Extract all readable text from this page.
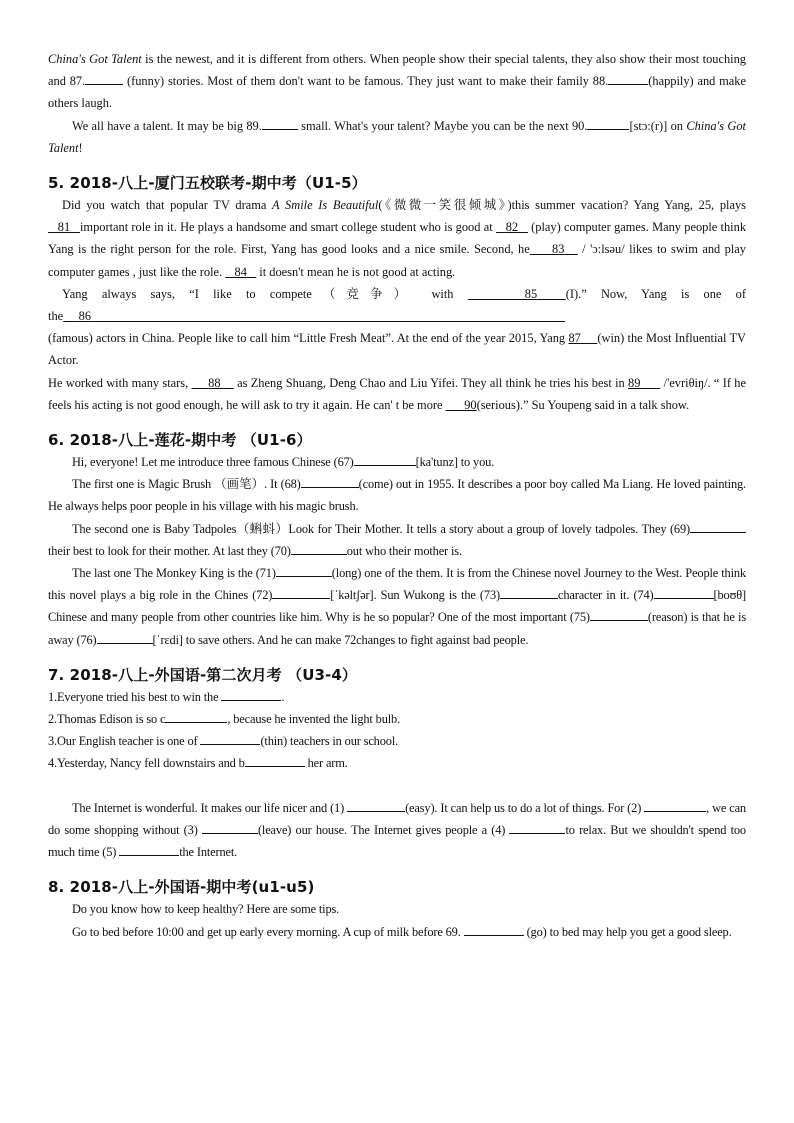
China's Got Talent is the newest, and it is different from others. When people show their special talents, they also show their most touching and 87.	(funny) stories. Most of them don't want to be famous. They just want to make their family 88.	(happily) and make others laugh.

We all have a talent. It may be big 89.	small. What's your talent? Maybe you can be the next 90.	[stɔ:(r)] on China's Got Talent!

5. 2018-八上-厦门五校联考-期中考（U1-5）

Did you watch that popular TV drama A Smile Is Beautiful(《微微一笑很倾城》)this summer vacation? Yang Yang, 25, plays    81 important role in it. He plays a handsome and smart college student who is good at    82    (play) computer games. Many people think Yang is the right person for the role. First, Yang has good looks and a nice smile. Second, he 83    / 'ɔ:lsəu/ likes to swim and play computer games , just like the role.    84    it doesn't mean he is not good at acting.

Yang always says, “I like to compete（竞争） with	85 (I).” Now, Yang is one of the 86

(famous) actors in China. People like to call him “Little Fresh Meat”. At the end of the year 2015, Yang 87 (win) the Most Influential TV Actor.

He worked with many stars,      88     as Zheng Shuang, Deng Chao and Liu Yifei. They all think he tries his best in 89       /'evriθiŋ/. “ If he feels his acting is not good enough, he will ask to try it again. He can' t be more       90(serious).” Su Youpeng said in a talk show.

6. 2018-八上-莲花-期中考 （U1-6）

Hi, everyone! Let me introduce three famous Chinese (67)	[ka'tunz] to you.

The first one is Magic Brush （画笔）. It (68)	(come) out in 1955. It describes a poor boy called Ma Liang. He loved painting. He always helps poor people in his village with his magic brush.

The second one is Baby Tadpoles（蝌蚪）Look for Their Mother. It tells a story about a group of lovely tadpoles. They (69)their best to look for their mother. At last they (70)	out who their mother is.

The last one The Monkey King is the (71)	(long) one of the them. It is from the Chinese novel Journey to the West. People think this novel plays a big role in the Chines (72)	[ˈkəltʃər]. Sun Wukong is the (73)	character in it. (74)	[boʊθ] Chinese and many people from other countries like him. Why is he so popular? One of the most important (75)	(reason) is that he is away (76)	[ˈrɛdi] to save others. And he can make 72changes to fight against bad people.

7. 2018-八上-外国语-第二次月考 （U3-4）

1.Everyone tried his best to win the	.

2.Thomas Edison is so c	, because he invented the light bulb.

3.Our English teacher is one of	(thin) teachers in our school.

4.Yesterday, Nancy fell downstairs and b	her arm.

The Internet is wonderful. It makes our life nicer and (1)	(easy). It can help us to do a lot of things. For (2)	, we can do some shopping without (3)	(leave) our house. The Internet gives people a (4)	to relax. But we shouldn't spend too much time (5)	the Internet.

8. 2018-八上-外国语-期中考(u1-u5)

Do you know how to keep healthy? Here are some tips.

Go to bed before 10:00 and get up early every morning. A cup of milk before 69.	(go) to bed may help you get a good sleep.
